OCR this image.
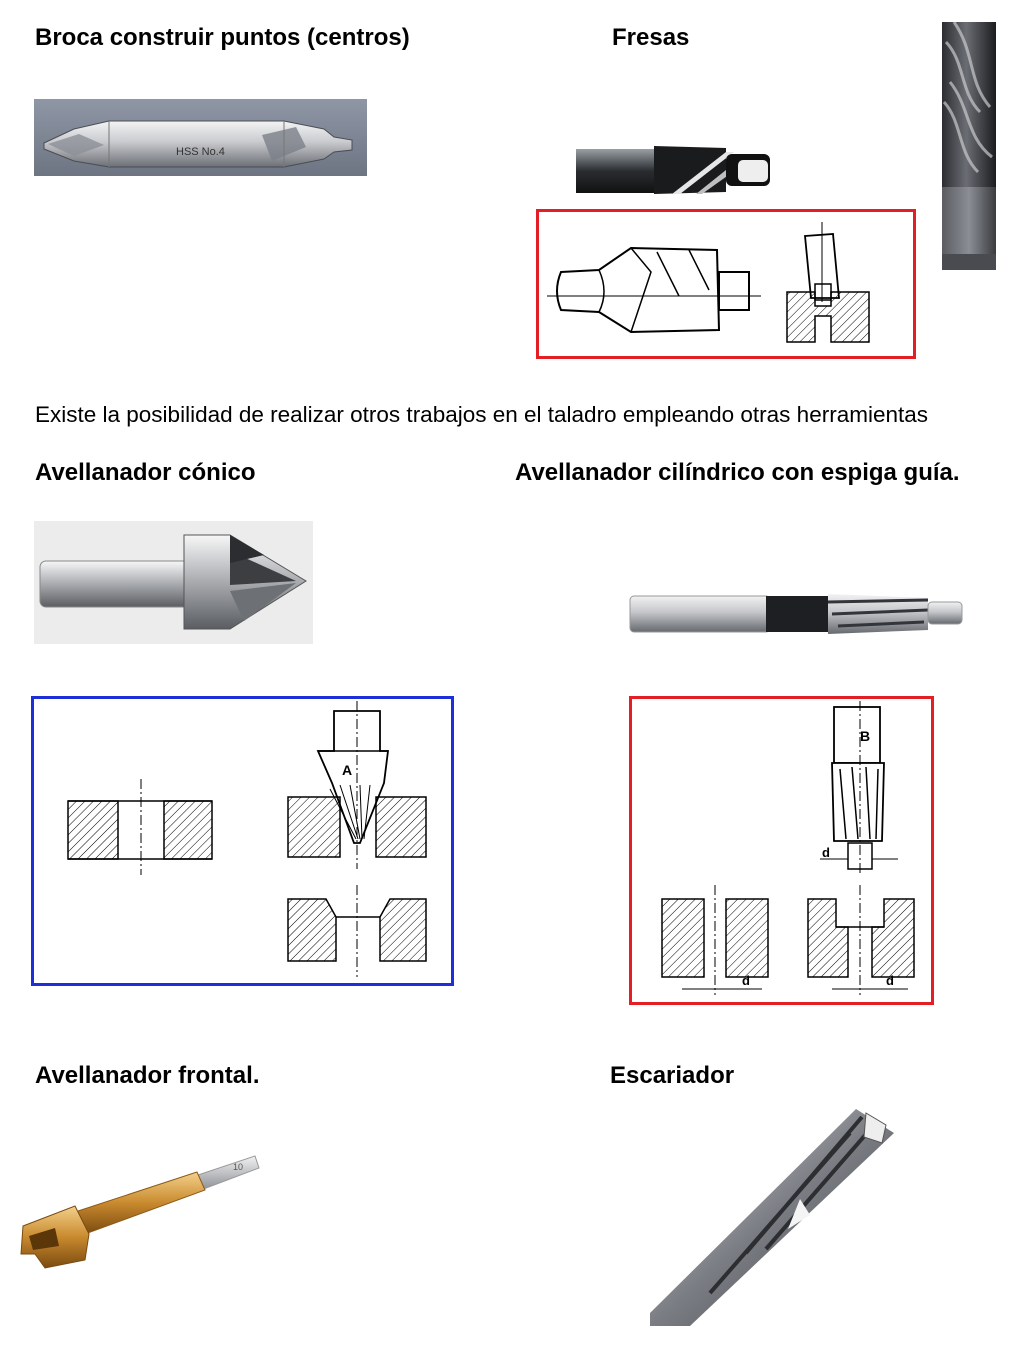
Broca construir puntos (centros)	Fresas
Existe la posibilidad de realizar otros trabajos en el taladro empleando otras herramientas
Avellanador cónico	Avellanador cilíndrico con espiga guía.
Avellanador frontal.	Escariador
HSS No.4
A
B
d
d	d
10
